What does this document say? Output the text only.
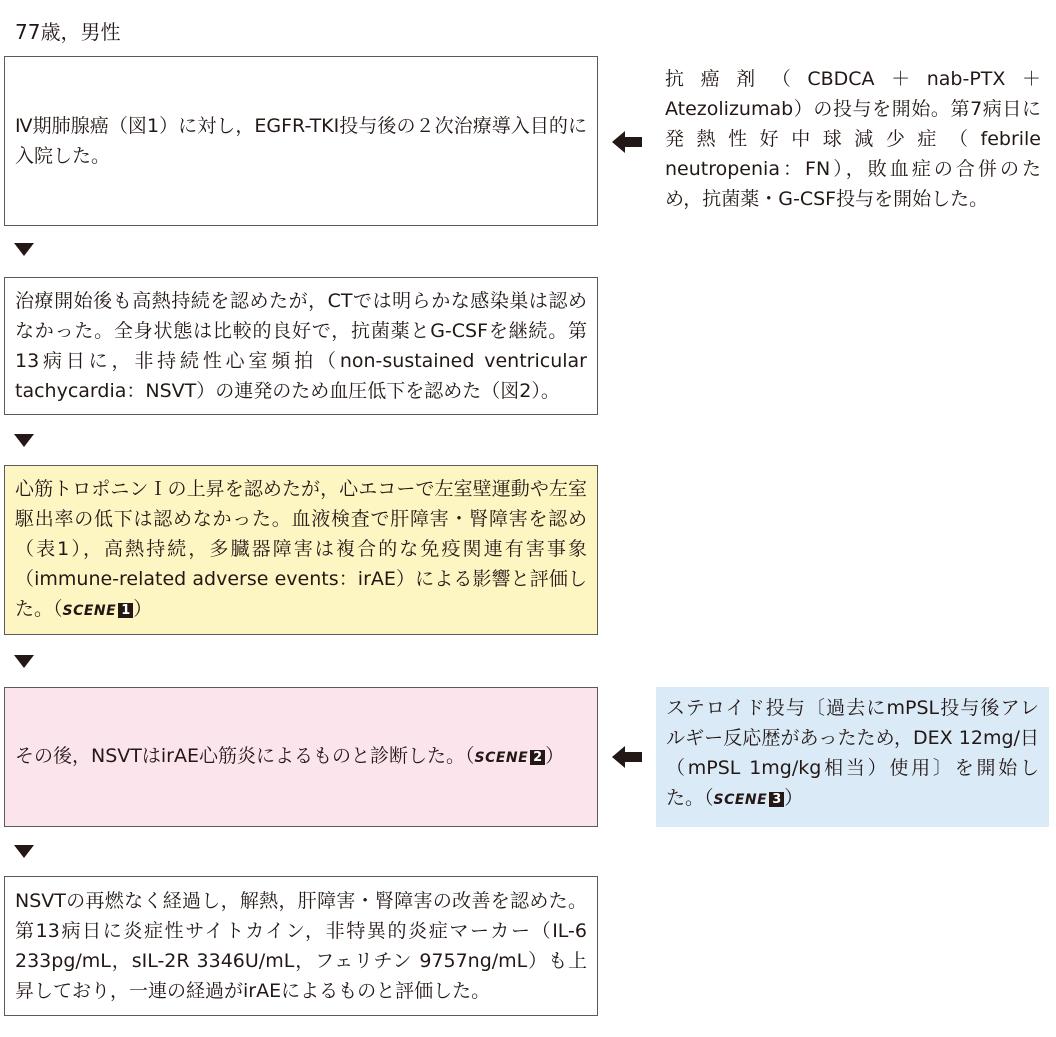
77歳，男性
Ⅳ期肺腺癌（図1）に対し，EGFR-TKI投与後の２次治療導入目的に入院した。
治療開始後も高熱持続を認めたが，CTでは明らかな感染巣は認めなかった。全身状態は比較的良好で，抗菌薬とG-CSFを継続。第13病日に，非持続性心室頻拍（non-sustained ventricular tachycardia：NSVT）の連発のため血圧低下を認めた（図2）。
心筋トロポニンＩの上昇を認めたが，心エコーで左室壁運動や左室駆出率の低下は認めなかった。血液検査で肝障害・腎障害を認め（表1），高熱持続，多臓器障害は複合的な免疫関連有害事象（immune-related adverse events：irAE）による影響と評価した。（SCENE 1 ）
その後，NSVTはirAE心筋炎によるものと診断した。（SCENE 2 ）
NSVTの再燃なく経過し，解熱，肝障害・腎障害の改善を認めた。第13病日に炎症性サイトカイン，非特異的炎症マーカー（IL-6 233pg/mL，sIL-2R 3346U/mL，フェリチン 9757ng/mL）も上昇しており，一連の経過がirAEによるものと評価した。
抗癌剤（CBDCA＋nab-PTX＋Atezolizumab）の投与を開始。第7病日に発熱性好中球減少症（febrile neutropenia：FN），敗血症の合併のため，抗菌薬・G-CSF投与を開始した。
ステロイド投与〔過去にmPSL投与後アレルギー反応歴があったため，DEX 12mg/日（mPSL 1mg/kg相当）使用〕を開始した。（SCENE 3 ）
